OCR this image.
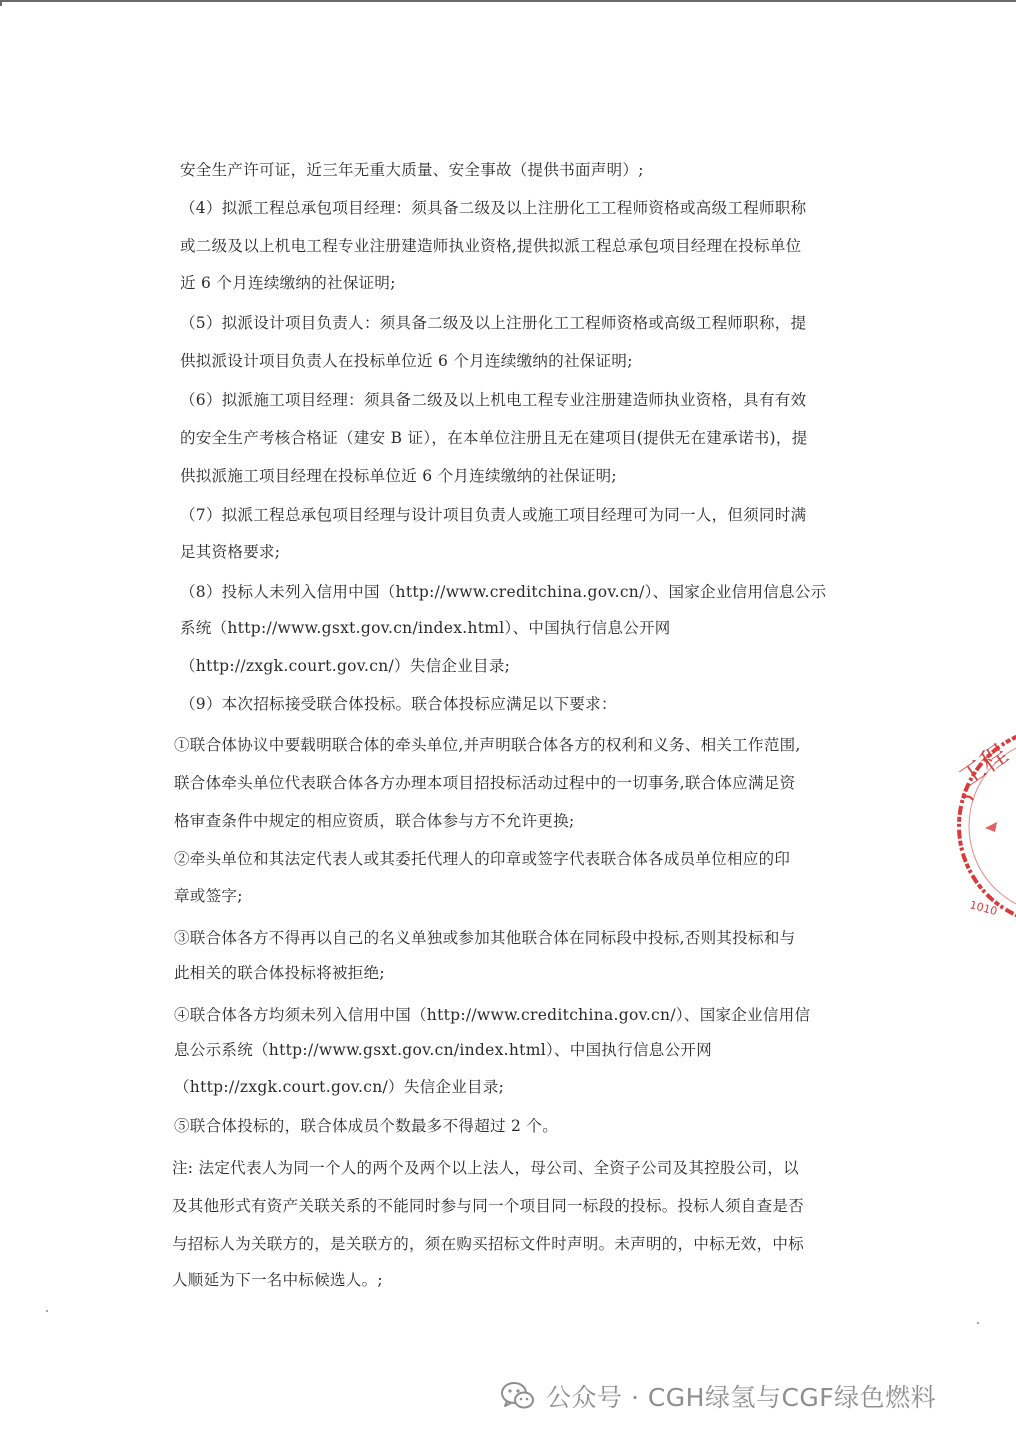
安全生产许可证，近三年无重大质量、安全事故（提供书面声明）;
（4）拟派工程总承包项目经理：须具备二级及以上注册化工工程师资格或高级工程师职称
或二级及以上机电工程专业注册建造师执业资格,提供拟派工程总承包项目经理在投标单位
近 6 个月连续缴纳的社保证明;
（5）拟派设计项目负责人：须具备二级及以上注册化工工程师资格或高级工程师职称，提
供拟派设计项目负责人在投标单位近 6 个月连续缴纳的社保证明;
（6）拟派施工项目经理：须具备二级及以上机电工程专业注册建造师执业资格，具有有效
的安全生产考核合格证（建安 B 证），在本单位注册且无在建项目(提供无在建承诺书)，提
供拟派施工项目经理在投标单位近 6 个月连续缴纳的社保证明;
（7）拟派工程总承包项目经理与设计项目负责人或施工项目经理可为同一人，但须同时满
足其资格要求;
（8）投标人未列入信用中国（http://www.creditchina.gov.cn/）、国家企业信用信息公示
系统（http://www.gsxt.gov.cn/index.html）、中国执行信息公开网
（http://zxgk.court.gov.cn/）失信企业目录;
（9）本次招标接受联合体投标。联合体投标应满足以下要求：
①联合体协议中要载明联合体的牵头单位,并声明联合体各方的权利和义务、相关工作范围,
联合体牵头单位代表联合体各方办理本项目招投标活动过程中的一切事务,联合体应满足资
格审查条件中规定的相应资质，联合体参与方不允许更换;
②牵头单位和其法定代表人或其委托代理人的印章或签字代表联合体各成员单位相应的印
章或签字;
③联合体各方不得再以自己的名义单独或参加其他联合体在同标段中投标,否则其投标和与
此相关的联合体投标将被拒绝;
④联合体各方均须未列入信用中国（http://www.creditchina.gov.cn/）、国家企业信用信
息公示系统（http://www.gsxt.gov.cn/index.html）、中国执行信息公开网
（http://zxgk.court.gov.cn/）失信企业目录;
⑤联合体投标的，联合体成员个数最多不得超过 2 个。
注: 法定代表人为同一个人的两个及两个以上法人，母公司、全资子公司及其控股公司，以
及其他形式有资产关联关系的不能同时参与同一个项目同一标段的投标。投标人须自查是否
与招标人为关联方的，是关联方的，须在购买招标文件时声明。未声明的，中标无效，中标
人顺延为下一名中标候选人。;
工程
1010
公众号 · CGH绿氢与CGF绿色燃料
